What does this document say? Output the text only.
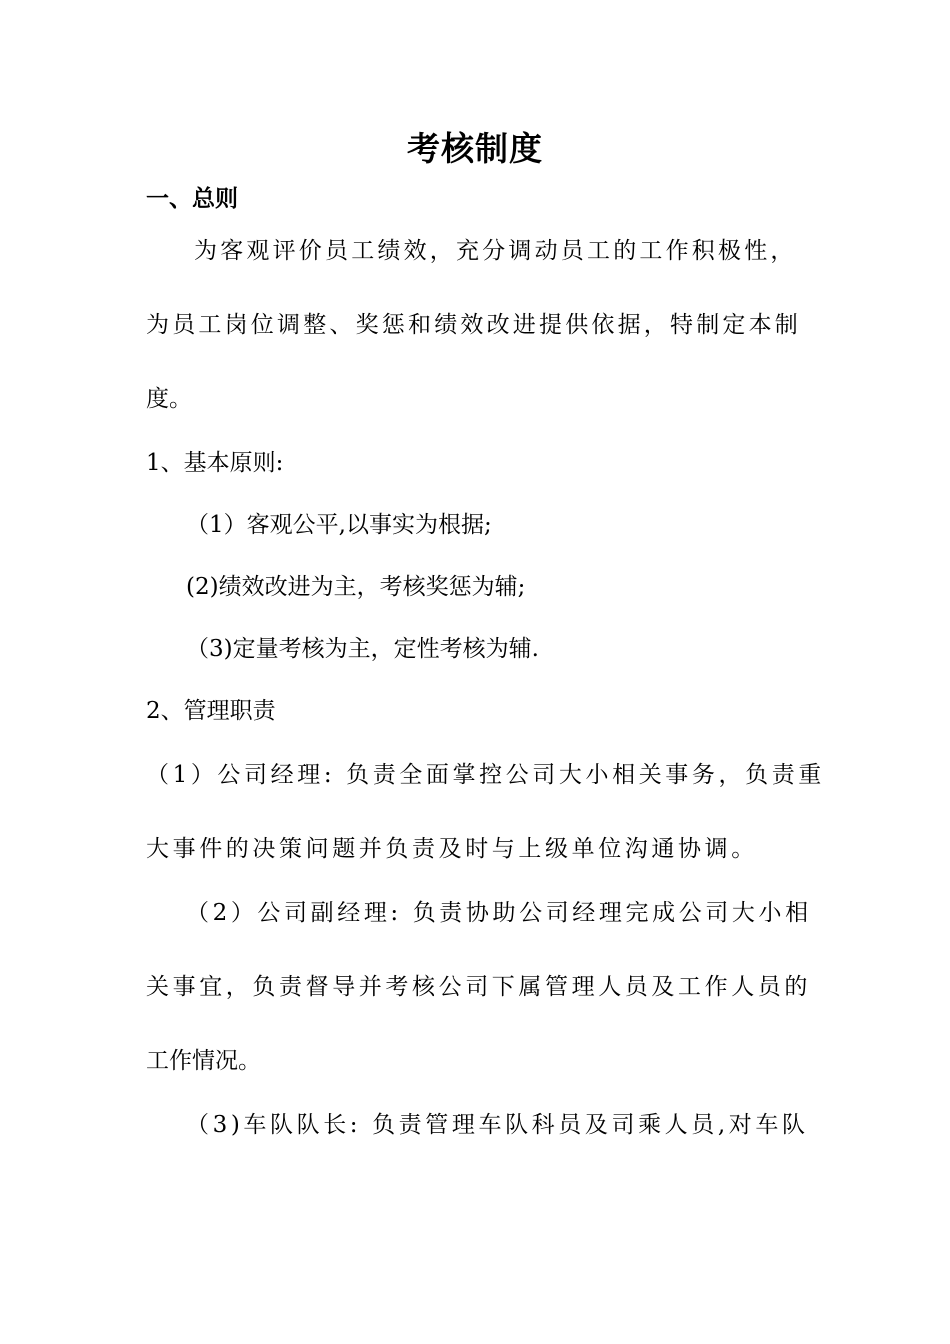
考核制度
一、总则
为客观评价员工绩效，充分调动员工的工作积极性，
为员工岗位调整、奖惩和绩效改进提供依据，特制定本制
度。
1、基本原则:
（1）客观公平,以事实为根据;
(2)绩效改进为主，考核奖惩为辅;
（3)定量考核为主，定性考核为辅.
2、管理职责
（1）公司经理: 负责全面掌控公司大小相关事务，负责重
大事件的决策问题并负责及时与上级单位沟通协调。
（2）公司副经理: 负责协助公司经理完成公司大小相
关事宜，负责督导并考核公司下属管理人员及工作人员的
工作情况。
（3)车队队长: 负责管理车队科员及司乘人员,对车队
